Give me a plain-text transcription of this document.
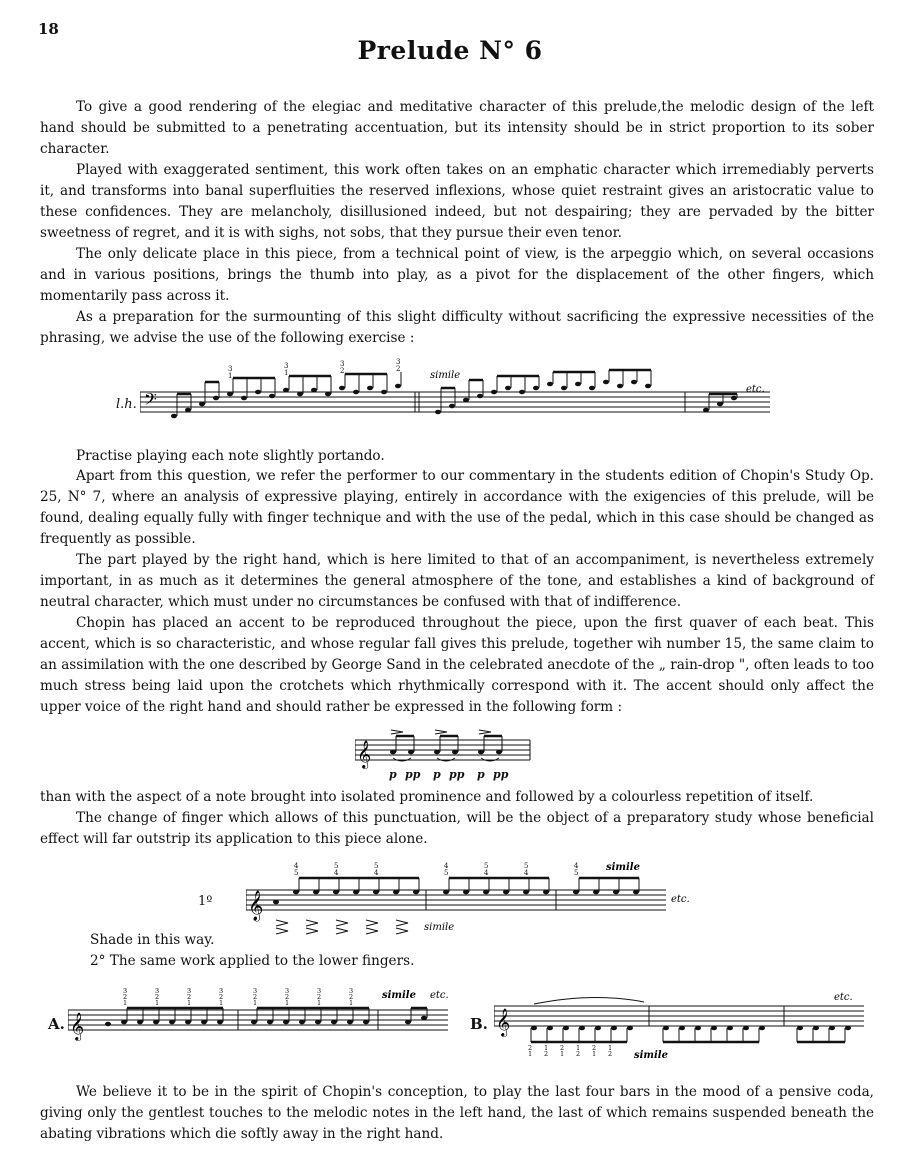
18
Prelude N° 6

To give a good rendering of the elegiac and meditative character of this prelude,the melodic design of the left hand should be submitted to a penetrating accentuation, but its intensity should be in strict proportion to its sober character.

Played with exaggerated sentiment, this work often takes on an emphatic character which irremediably perverts it, and transforms into banal superfluities the reserved inflexions, whose quiet restraint gives an aristocratic value to these confidences. They are melancholy, disillusioned indeed, but not despairing; they are pervaded by the bitter sweetness of regret, and it is with sighs, not sobs, that they pursue their even tenor.

The only delicate place in this piece, from a technical point of view, is the arpeggio which, on several occasions and in various positions, brings the thumb into play, as a pivot for the displacement of the other fingers, which momentarily pass across it.

As a preparation for the surmounting of this slight difficulty without sacrificing the expressive necessities of the phrasing, we advise the use of the following exercise :

l.h. 𝄢
3
1
3
1
3
2
3
2
simile
etc.

Practise playing each note slightly portando.

Apart from this question, we refer the performer to our commentary in the students edition of Chopin's Study Op. 25, N° 7, where an analysis of expressive playing, entirely in accordance with the exigencies of this prelude, will be found, dealing equally fully with finger technique and with the use of the pedal, which in this case should be changed as frequently as possible.

The part played by the right hand, which is here limited to that of an accompaniment, is nevertheless extremely important, in as much as it determines the general atmosphere of the tone, and establishes a kind of background of neutral character, which must under no circumstances be confused with that of indifference.

Chopin has placed an accent to be reproduced throughout the piece, upon the first quaver of each beat. This accent, which is so characteristic, and whose regular fall gives this prelude, together wih number 15, the same claim to an assimilation with the one described by George Sand in the celebrated anecdote of the „ rain-drop ", often leads to too much stress being laid upon the crotchets which rhythmically correspond with it. The accent should only affect the upper voice of the right hand and should rather be expressed in the following form :

𝄞
p pp p pp p pp

than with the aspect of a note brought into isolated prominence and followed by a colourless repetition of itself.

The change of finger which allows of this punctuation, will be the object of a preparatory study whose beneficial effect will far outstrip its application to this piece alone.

1º 𝄞
4
5
5
4
5
4
4
5
5
4
5
4
4
5	simile
simile
etc.

Shade in this way.

2° The same work applied to the lower fingers.

A. 𝄞
3
2
1
3
2
1
3
2
1
3
2
1
3
2
1
3
2
1
3
2
1
3
2
1
simile etc.
B. 𝄞
2
1
1
2
2
1
1
2
2
1
1
2 simile
etc.

We believe it to be in the spirit of Chopin's conception, to play the last four bars in the mood of a pensive coda, giving only the gentlest touches to the melodic notes in the left hand, the last of which remains suspended beneath the abating vibrations which die softly away in the right hand.
